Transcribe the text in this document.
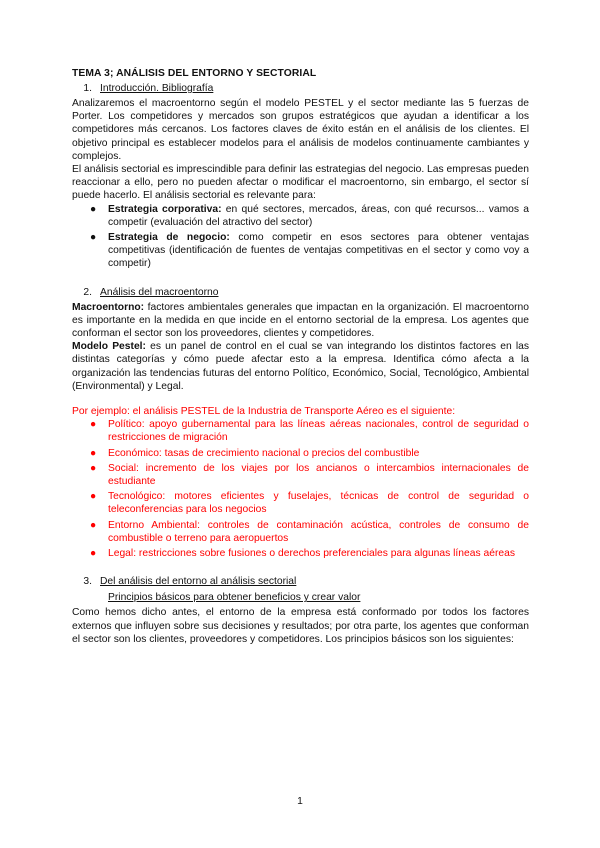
TEMA 3; ANÁLISIS DEL ENTORNO Y SECTORIAL
1. Introducción. Bibliografía

Analizaremos el macroentorno según el modelo PESTEL y el sector mediante las 5 fuerzas de Porter. Los competidores y mercados son grupos estratégicos que ayudan a identificar a los competidores más cercanos. Los factores claves de éxito están en el análisis de los clientes. El objetivo principal es establecer modelos para el análisis de modelos continuamente cambiantes y complejos.

El análisis sectorial es imprescindible para definir las estrategias del negocio. Las empresas pueden reaccionar a ello, pero no pueden afectar o modificar el macroentorno, sin embargo, el sector sí puede hacerlo. El análisis sectorial es relevante para:

● Estrategia corporativa: en qué sectores, mercados, áreas, con qué recursos... vamos a competir (evaluación del atractivo del sector)
● Estrategia de negocio: como competir en esos sectores para obtener ventajas competitivas (identificación de fuentes de ventajas competitivas en el sector y como voy a competir)
2. Análisis del macroentorno

Macroentorno: factores ambientales generales que impactan en la organización. El macroentorno es importante en la medida en que incide en el entorno sectorial de la empresa. Los agentes que conforman el sector son los proveedores, clientes y competidores.

Modelo Pestel: es un panel de control en el cual se van integrando los distintos factores en las distintas categorías y cómo puede afectar esto a la empresa. Identifica cómo afecta a la organización las tendencias futuras del entorno Político, Económico, Social, Tecnológico, Ambiental (Environmental) y Legal.

Por ejemplo: el análisis PESTEL de la Industria de Transporte Aéreo es el siguiente:

● Político: apoyo gubernamental para las líneas aéreas nacionales, control de seguridad o restricciones de migración
● Económico: tasas de crecimiento nacional o precios del combustible
● Social: incremento de los viajes por los ancianos o intercambios internacionales de estudiante
● Tecnológico: motores eficientes y fuselajes, técnicas de control de seguridad o teleconferencias para los negocios
● Entorno Ambiental: controles de contaminación acústica, controles de consumo de combustible o terreno para aeropuertos
● Legal: restricciones sobre fusiones o derechos preferenciales para algunas líneas aéreas
3. Del análisis del entorno al análisis sectorial
Principios básicos para obtener beneficios y crear valor

Como hemos dicho antes, el entorno de la empresa está conformado por todos los factores externos que influyen sobre sus decisiones y resultados; por otra parte, los agentes que conforman el sector son los clientes, proveedores y competidores. Los principios básicos son los siguientes:

1
